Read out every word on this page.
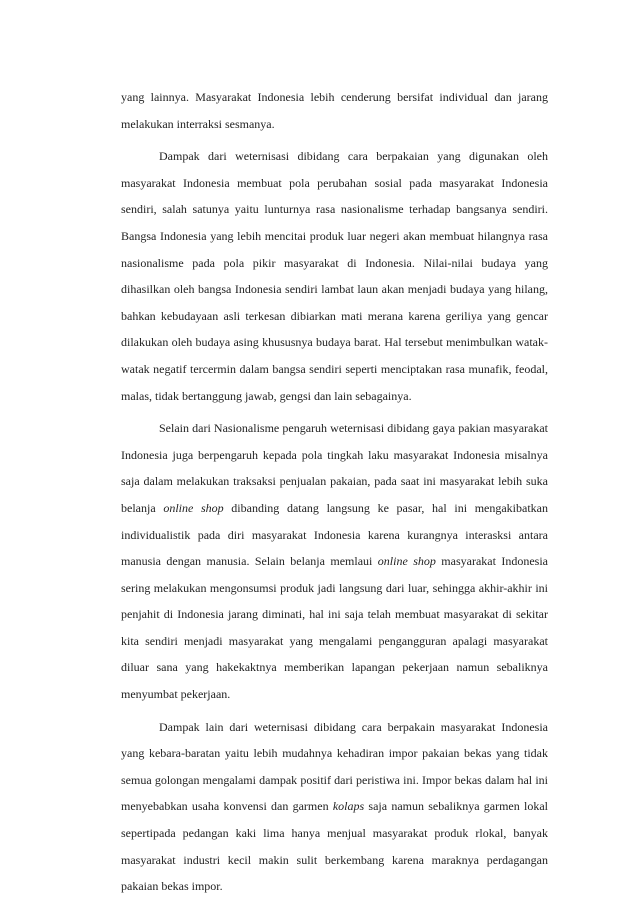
yang lainnya. Masyarakat Indonesia lebih cenderung bersifat individual dan jarang melakukan interraksi sesmanya.

Dampak dari weternisasi dibidang cara berpakaian yang digunakan oleh masyarakat Indonesia membuat pola perubahan sosial pada masyarakat Indonesia sendiri, salah satunya yaitu lunturnya rasa nasionalisme terhadap bangsanya sendiri. Bangsa Indonesia yang lebih mencitai produk luar negeri akan membuat hilangnya rasa nasionalisme pada pola pikir masyarakat di Indonesia. Nilai-nilai budaya yang dihasilkan oleh bangsa Indonesia sendiri lambat laun akan menjadi budaya yang hilang, bahkan kebudayaan asli terkesan dibiarkan mati merana karena geriliya yang gencar dilakukan oleh budaya asing khususnya budaya barat. Hal tersebut menimbulkan watak-watak negatif tercermin dalam bangsa sendiri seperti menciptakan rasa munafik, feodal, malas, tidak bertanggung jawab, gengsi dan lain sebagainya.

Selain dari Nasionalisme pengaruh weternisasi dibidang gaya pakian masyarakat Indonesia juga berpengaruh kepada pola tingkah laku masyarakat Indonesia misalnya saja dalam melakukan traksaksi penjualan pakaian, pada saat ini masyarakat lebih suka belanja online shop dibanding datang langsung ke pasar, hal ini mengakibatkan individualistik pada diri masyarakat Indonesia karena kurangnya interasksi antara manusia dengan manusia. Selain belanja memlaui online shop masyarakat Indonesia sering melakukan mengonsumsi produk jadi langsung dari luar, sehingga akhir-akhir ini penjahit di Indonesia jarang diminati, hal ini saja telah membuat masyarakat di sekitar kita sendiri menjadi masyarakat yang mengalami pengangguran apalagi masyarakat diluar sana yang hakekaktnya memberikan lapangan pekerjaan namun sebaliknya menyumbat pekerjaan.

Dampak lain dari weternisasi dibidang cara berpakain masyarakat Indonesia yang kebara-baratan yaitu lebih mudahnya kehadiran impor pakaian bekas yang tidak semua golongan mengalami dampak positif dari peristiwa ini. Impor bekas dalam hal ini menyebabkan usaha konvensi dan garmen kolaps saja namun sebaliknya garmen lokal sepertipada pedangan kaki lima hanya menjual masyarakat produk rlokal, banyak masyarakat industri kecil makin sulit berkembang karena maraknya perdagangan pakaian bekas impor.
